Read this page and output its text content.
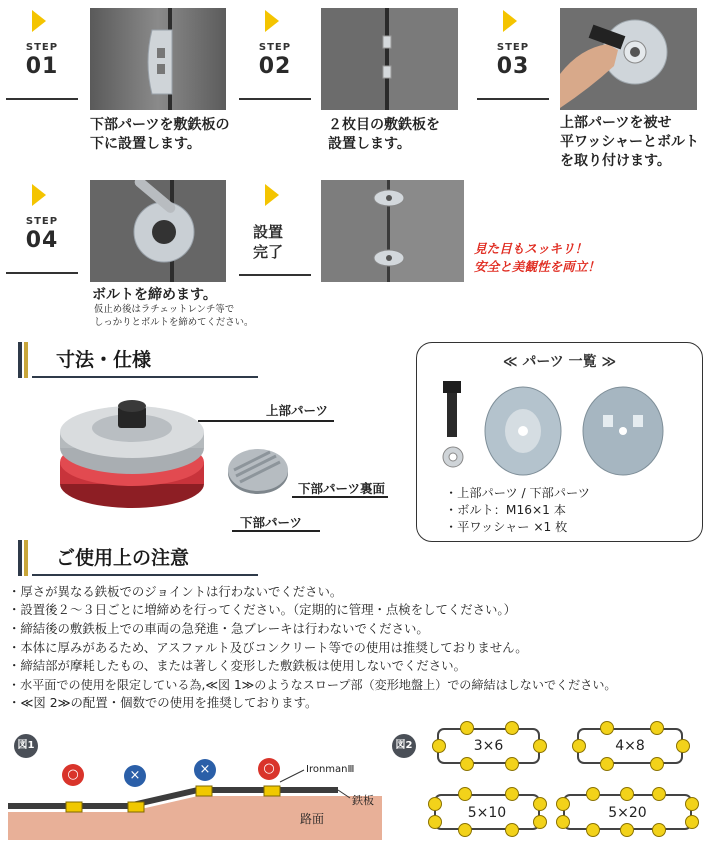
STEP
01
下部パーツを敷鉄板の
下に設置します。
STEP
02
２枚目の敷鉄板を
設置します。
STEP
03
上部パーツを被せ
平ワッシャーとボルト
を取り付けます。
STEP
04
ボルトを締めます。
仮止め後はラチェットレンチ等で
しっかりとボルトを締めてください。
設置
完了	見た目もスッキリ！
安全と美観性を両立！
寸法・仕様
上部パーツ
下部パーツ裏面
下部パーツ
≪ パーツ 一覧 ≫
・上部パーツ / 下部パーツ
・ボルト：M16×1 本
・平ワッシャー ×1 枚
ご使用上の注意
・厚さが異なる鉄板でのジョイントは行わないでください。
・設置後２〜３日ごとに増締めを行ってください。（定期的に管理・点検をしてください。）
・締結後の敷鉄板上での車両の急発進・急ブレーキは行わないでください。
・本体に厚みがあるため、アスファルト及びコンクリート等での使用は推奨しておりません。
・締結部が摩耗したもの、または著しく変形した敷鉄板は使用しないでください。
・水平面での使用を限定している為,≪図 1≫のようなスロープ部（変形地盤上）での締結はしないでください。
・≪図 2≫の配置・個数での使用を推奨しております。
図1
○	×	×	○	IronmanⅢ
鉄板
路面
図2	3×6	4×8
5×10	5×20
